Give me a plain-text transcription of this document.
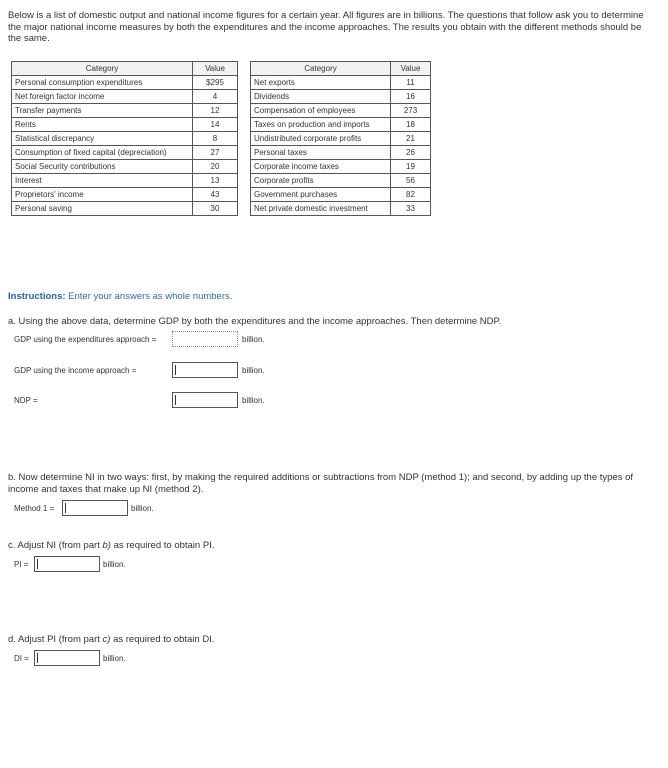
Below is a list of domestic output and national income figures for a certain year. All figures are in billions. The questions that follow ask you to determine the major national income measures by both the expenditures and the income approaches. The results you obtain with the different methods should be the same.
Category	Value		Category	Value
Personal consumption expenditures	$295		Net exports	11
Net foreign factor income	4		Dividends	16
Transfer payments	12		Compensation of employees	273
Rents	14		Taxes on production and imports	18
Statistical discrepancy	8		Undistributed corporate profits	21
Consumption of fixed capital (depreciation)	27		Personal taxes	26
Social Security contributions	20		Corporate income taxes	19
Interest	13		Corporate profits	56
Proprietors' income	43		Government purchases	82
Personal saving	30		Net private domestic investment	33
Instructions: Enter your answers as whole numbers.
a. Using the above data, determine GDP by both the expenditures and the income approaches. Then determine NDP.
GDP using the expenditures approach =	billion.
GDP using the income approach =	billion.
NDP =	billion.
b. Now determine NI in two ways: first, by making the required additions or subtractions from NDP (method 1); and second, by adding up the types of income and taxes that make up NI (method 2).
Method 1 =	billion.
c. Adjust NI (from part b) as required to obtain PI.
PI =	billion.
d. Adjust PI (from part c) as required to obtain DI.
DI =	billion.
